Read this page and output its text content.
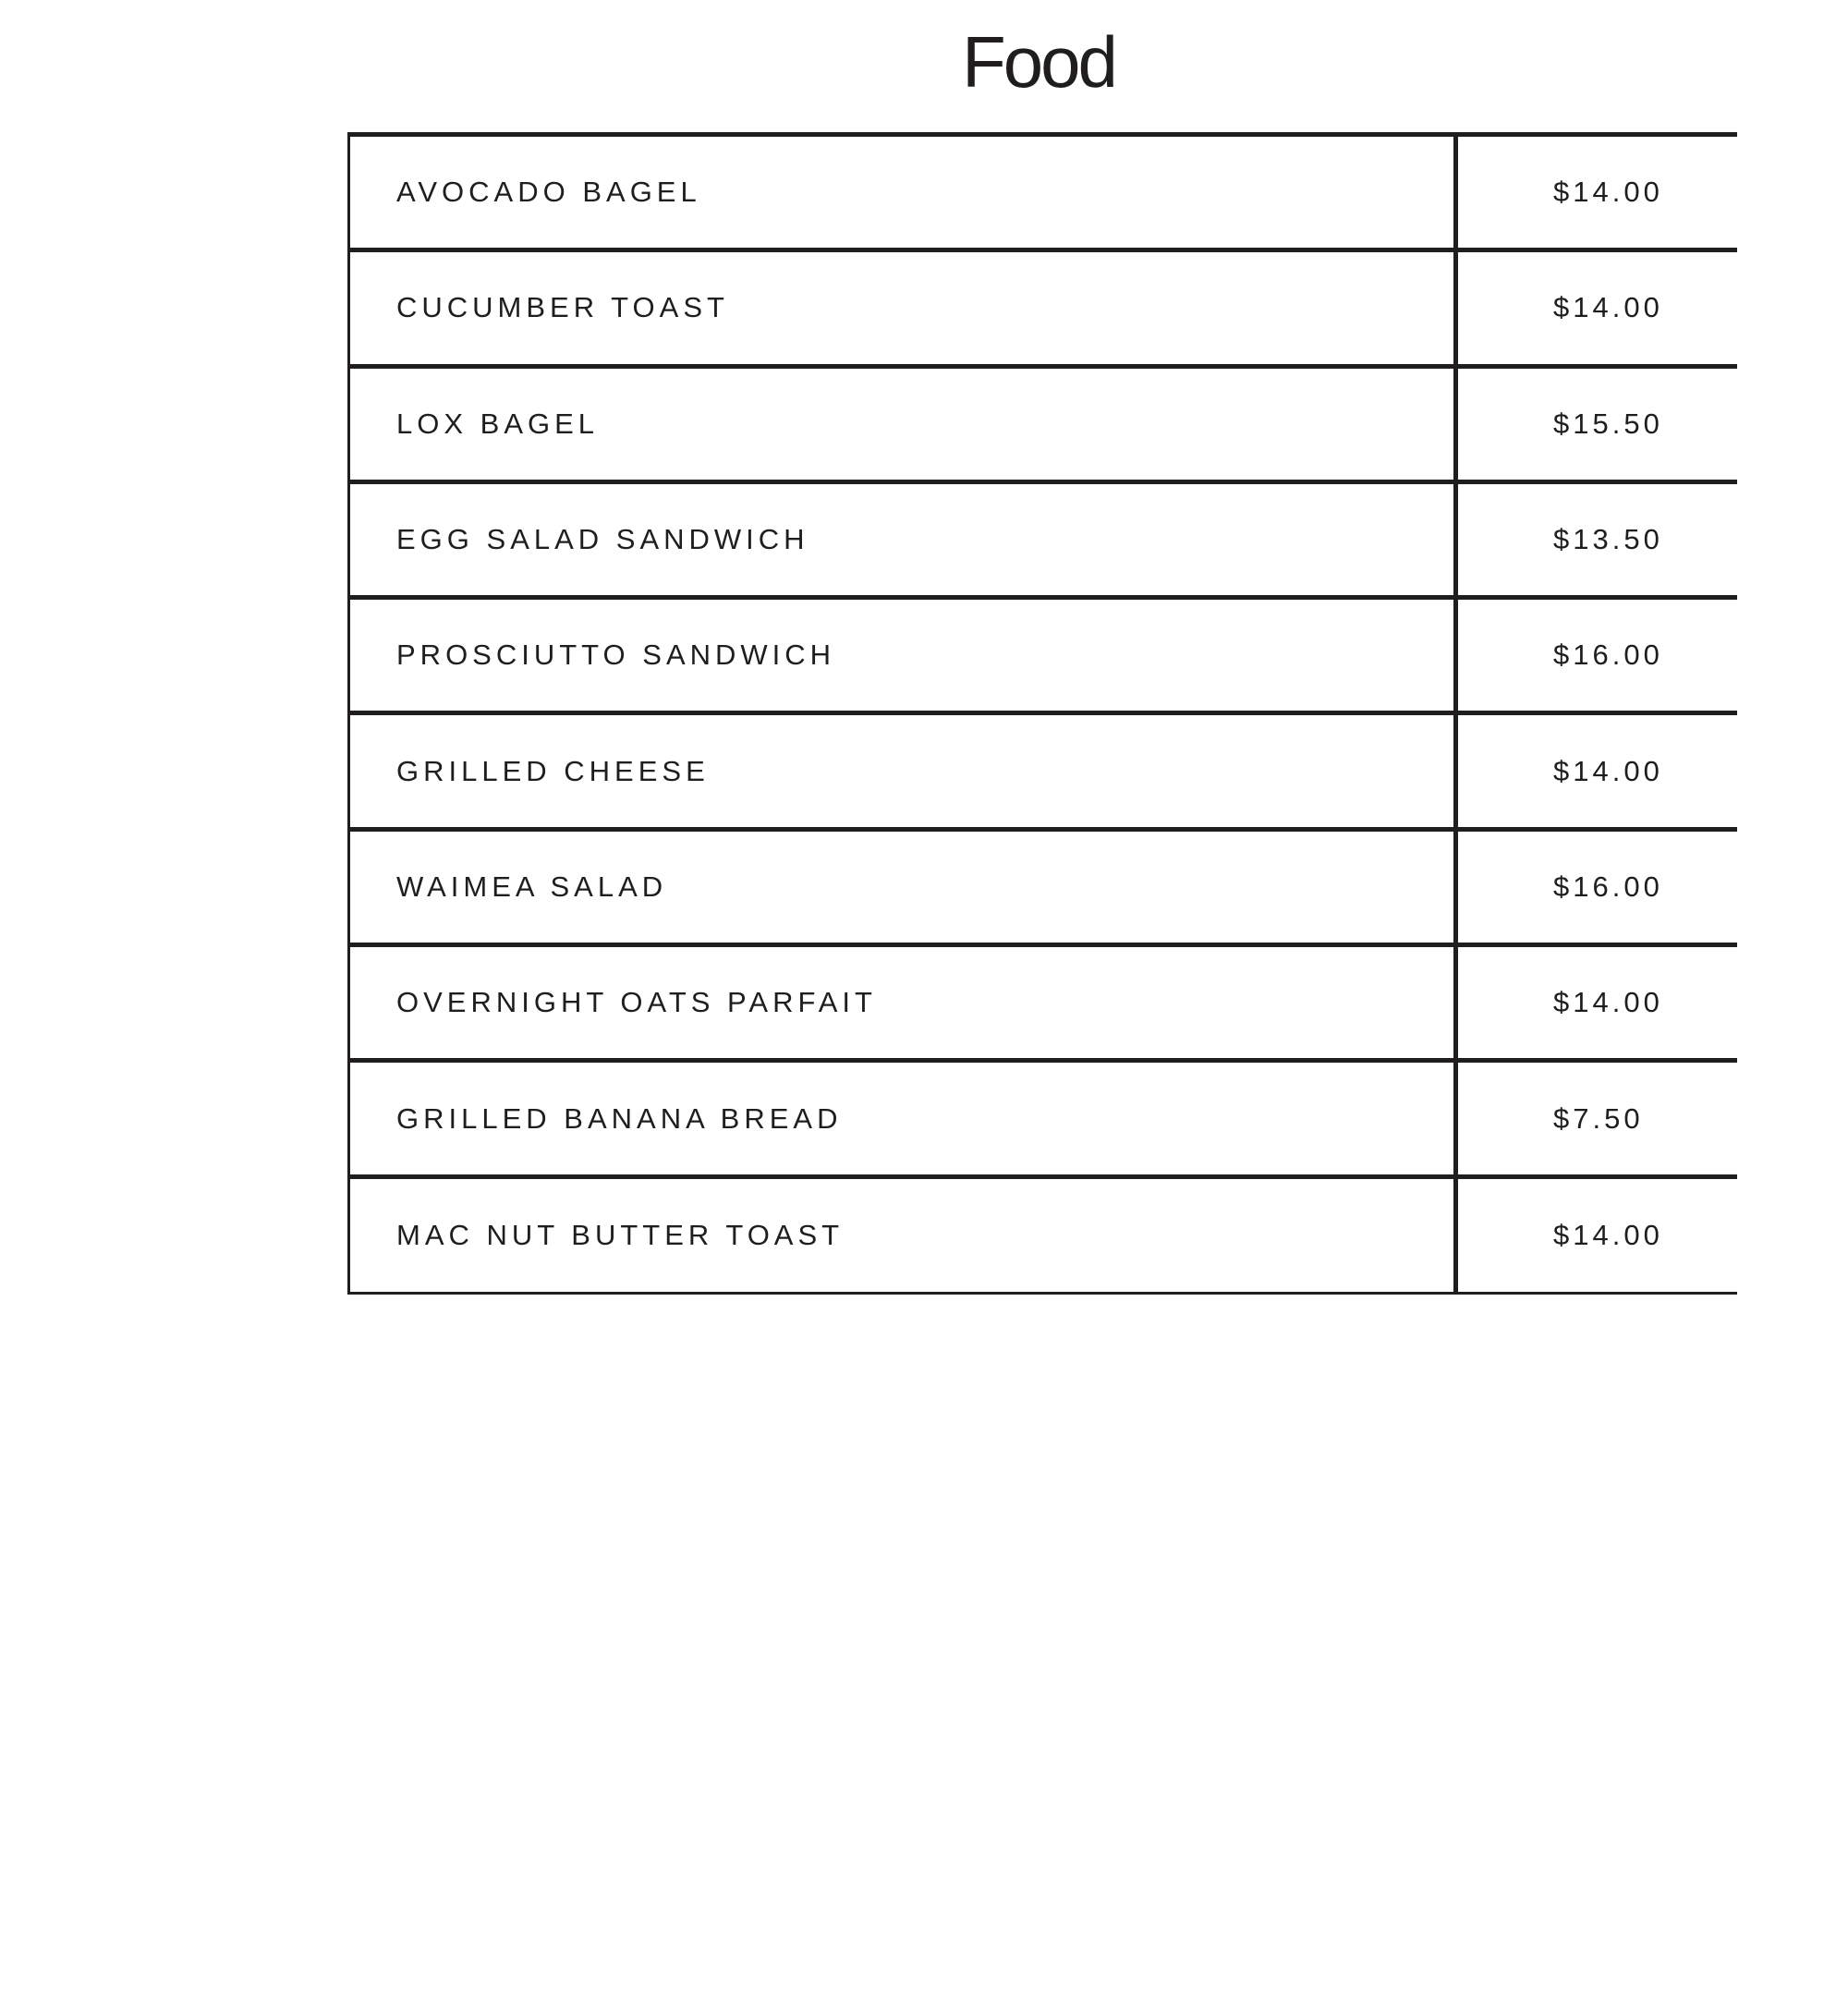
Food
AVOCADO BAGEL	$14.00
CUCUMBER TOAST	$14.00
LOX BAGEL	$15.50
EGG SALAD SANDWICH	$13.50
PROSCIUTTO SANDWICH	$16.00
GRILLED CHEESE	$14.00
WAIMEA SALAD	$16.00
OVERNIGHT OATS PARFAIT	$14.00
GRILLED BANANA BREAD	$7.50
MAC NUT BUTTER TOAST	$14.00
